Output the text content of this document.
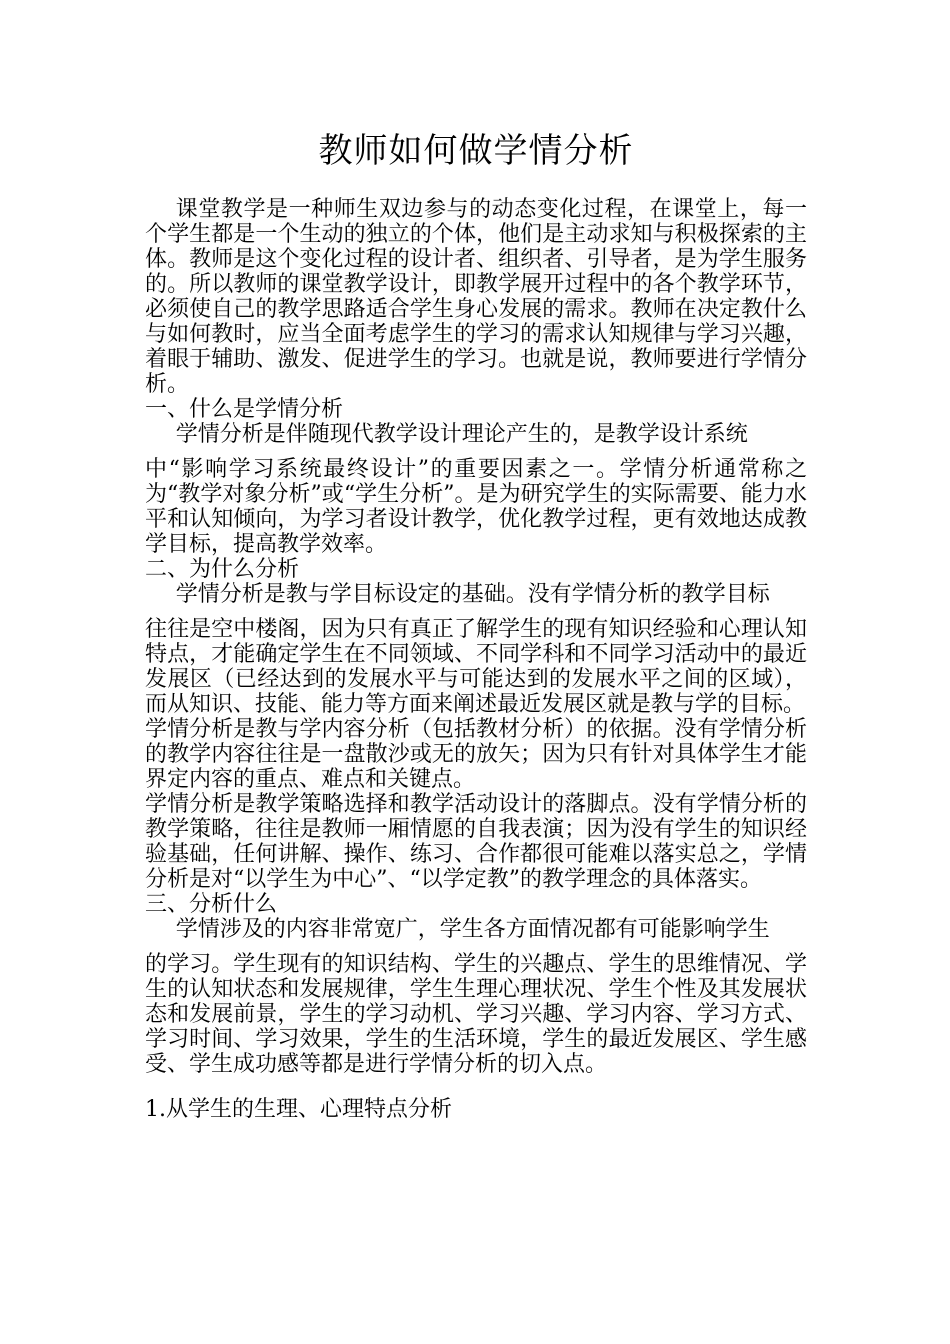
教师如何做学情分析

课堂教学是一种师生双边参与的动态变化过程，在课堂上，每一个学生都是一个生动的独立的个体，他们是主动求知与积极探索的主体。教师是这个变化过程的设计者、组织者、引导者，是为学生服务的。所以教师的课堂教学设计，即教学展开过程中的各个教学环节，必须使自己的教学思路适合学生身心发展的需求。教师在决定教什么与如何教时，应当全面考虑学生的学习的需求认知规律与学习兴趣，着眼于辅助、激发、促进学生的学习。也就是说，教师要进行学情分析。

一、什么是学情分析

学情分析是伴随现代教学设计理论产生的，是教学设计系统

中“影响学习系统最终设计”的重要因素之一。学情分析通常称之为“教学对象分析”或“学生分析”。是为研究学生的实际需要、能力水平和认知倾向，为学习者设计教学，优化教学过程，更有效地达成教学目标，提高教学效率。

二、为什么分析

学情分析是教与学目标设定的基础。没有学情分析的教学目标

往往是空中楼阁，因为只有真正了解学生的现有知识经验和心理认知特点，才能确定学生在不同领域、不同学科和不同学习活动中的最近发展区（已经达到的发展水平与可能达到的发展水平之间的区域），而从知识、技能、能力等方面来阐述最近发展区就是教与学的目标。

学情分析是教与学内容分析（包括教材分析）的依据。没有学情分析的教学内容往往是一盘散沙或无的放矢；因为只有针对具体学生才能界定内容的重点、难点和关键点。

学情分析是教学策略选择和教学活动设计的落脚点。没有学情分析的教学策略，往往是教师一厢情愿的自我表演；因为没有学生的知识经验基础，任何讲解、操作、练习、合作都很可能难以落实总之，学情分析是对“以学生为中心”、“以学定教”的教学理念的具体落实。

三、分析什么

学情涉及的内容非常宽广，学生各方面情况都有可能影响学生

的学习。学生现有的知识结构、学生的兴趣点、学生的思维情况、学生的认知状态和发展规律，学生生理心理状况、学生个性及其发展状态和发展前景，学生的学习动机、学习兴趣、学习内容、学习方式、学习时间、学习效果，学生的生活环境，学生的最近发展区、学生感受、学生成功感等都是进行学情分析的切入点。

1.从学生的生理、心理特点分析
